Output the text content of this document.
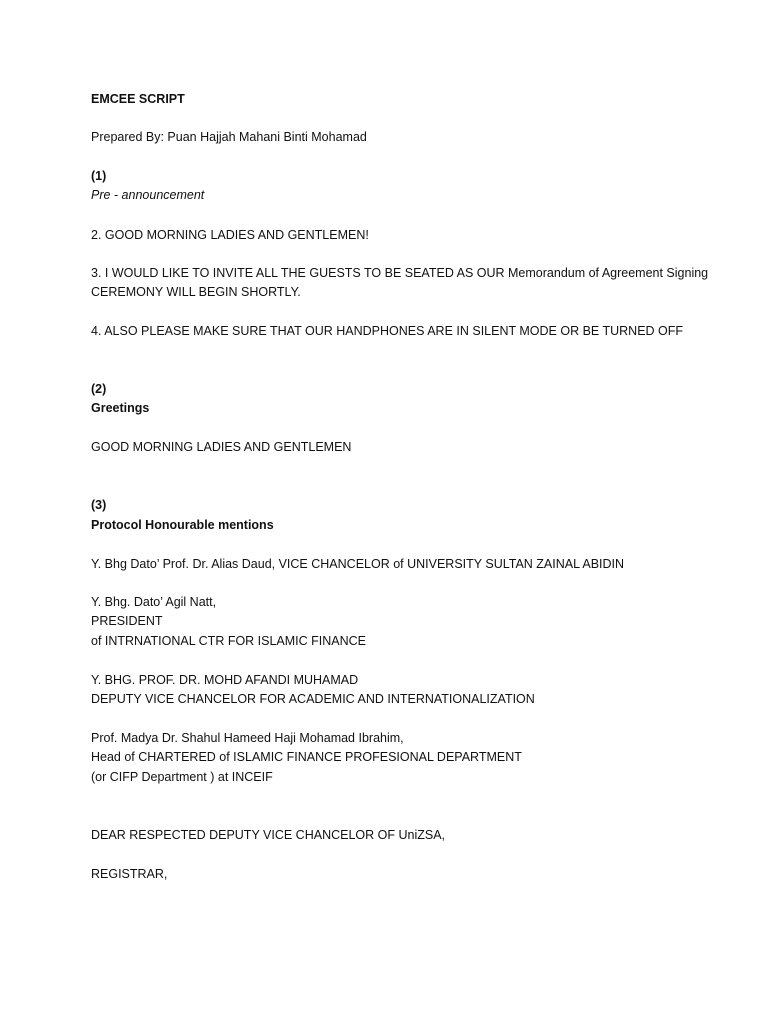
EMCEE SCRIPT
Prepared By: Puan Hajjah Mahani Binti Mohamad
(1)
Pre - announcement
2. GOOD MORNING LADIES AND GENTLEMEN!
3. I WOULD LIKE TO INVITE ALL THE GUESTS TO BE SEATED AS OUR Memorandum of Agreement Signing
CEREMONY WILL BEGIN SHORTLY.
4. ALSO PLEASE MAKE SURE THAT OUR HANDPHONES ARE IN SILENT MODE OR BE TURNED OFF
(2)
Greetings
GOOD MORNING LADIES AND GENTLEMEN
(3)
Protocol Honourable mentions
Y. Bhg Dato’ Prof. Dr. Alias Daud, VICE CHANCELOR of UNIVERSITY SULTAN ZAINAL ABIDIN
Y. Bhg. Dato’ Agil Natt,
PRESIDENT
of INTRNATIONAL CTR FOR ISLAMIC FINANCE
Y. BHG. PROF. DR. MOHD AFANDI MUHAMAD
DEPUTY VICE CHANCELOR FOR ACADEMIC AND INTERNATIONALIZATION
Prof. Madya Dr. Shahul Hameed Haji Mohamad Ibrahim,
Head of CHARTERED of ISLAMIC FINANCE PROFESIONAL DEPARTMENT
(or CIFP Department ) at INCEIF
DEAR RESPECTED DEPUTY VICE CHANCELOR OF UniZSA,
REGISTRAR,
